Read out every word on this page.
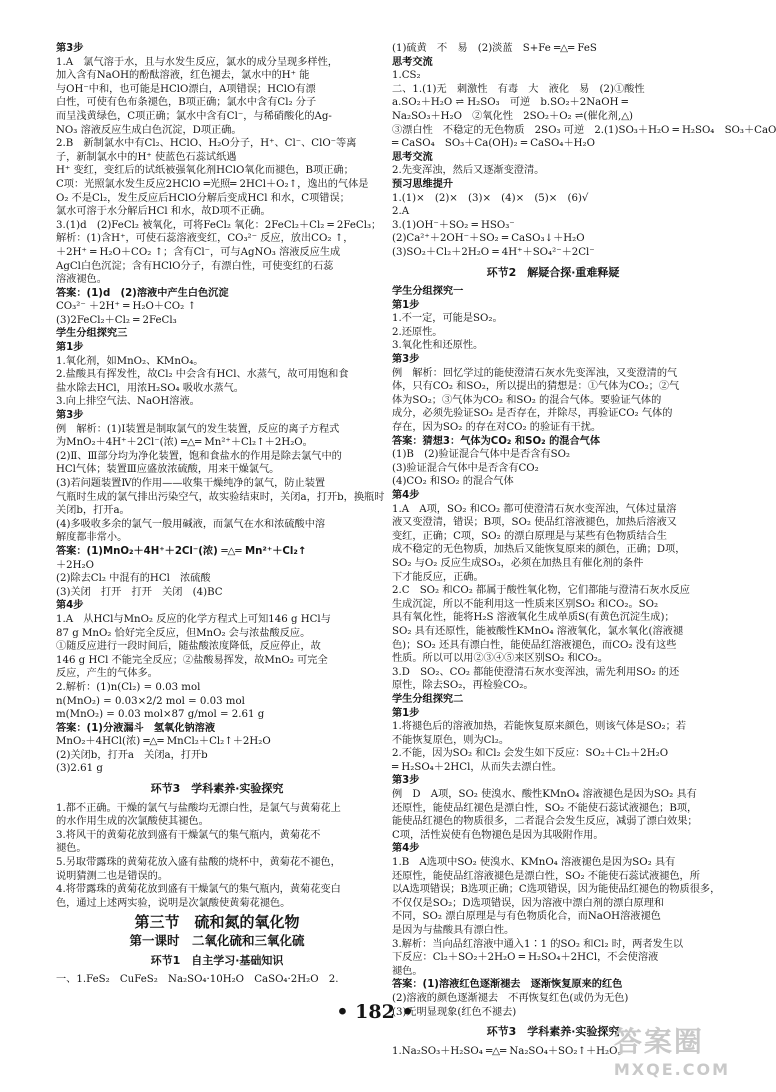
第3步
1.A　氯气溶于水，且与水发生反应，氯水的成分呈现多样性，
加入含有NaOH的酚酞溶液，红色褪去，氯水中的H⁺ 能
与OH⁻中和，也可能是HClO漂白，A项错误；HClO有漂
白性，可使有色布条褪色，B项正确；氯水中含有Cl₂ 分子
而呈浅黄绿色，C项正确；氯水中含有Cl⁻，与稀硝酸化的Ag-
NO₃ 溶液反应生成白色沉淀，D项正确。
2.B　新制氯水中有Cl₂、HClO、H₂O分子，H⁺、Cl⁻、ClO⁻等离
子，新制氯水中的H⁺ 使蓝色石蕊试纸遇
H⁺ 变红，变红后的试纸被强氧化剂HClO氧化而褪色，B项正确；
C项：光照氯水发生反应2HClO ═光照═ 2HCl＋O₂↑，逸出的气体是
O₂ 不是Cl₂，发生反应后HClO分解后变成HCl 和水，C项错误；
氯水可溶于水分解后HCl 和水，故D项不正确。
3.(1)d　(2)FeCl₂ 被氧化，可将FeCl₂ 氧化：2FeCl₂＋Cl₂ ═ 2FeCl₃；
解析：(1)含H⁺，可使石蕊溶液变红，CO₃²⁻ 反应，放出CO₂ ↑，
＋2H⁺ ═ H₂O＋CO₂ ↑；含有Cl⁻，可与AgNO₃ 溶液反应生成
AgCl白色沉淀；含有HClO分子，有漂白性，可使变红的石蕊
溶液褪色。
答案：(1)d　(2)溶液中产生白色沉淀
CO₃²⁻ ＋2H⁺ ═ H₂O＋CO₂ ↑
(3)2FeCl₂＋Cl₂ ═ 2FeCl₃
学生分组探究三
第1步
1.氧化剂，如MnO₂、KMnO₄。
2.盐酸具有挥发性，故Cl₂ 中会含有HCl、水蒸气，故可用饱和食
盐水除去HCl，用浓H₂SO₄ 吸收水蒸气。
3.向上排空气法、NaOH溶液。
第3步
例　解析：(1)Ⅰ装置是制取氯气的发生装置，反应的离子方程式
为MnO₂＋4H⁺＋2Cl⁻(浓) ═△═ Mn²⁺＋Cl₂↑＋2H₂O。
(2)Ⅱ、Ⅲ部分均为净化装置，饱和食盐水的作用是除去氯气中的
HCl气体；装置Ⅲ应盛放浓硫酸，用来干燥氯气。
(3)若问题装置Ⅳ的作用——收集干燥纯净的氯气，防止装置
气瓶时生成的氯气排出污染空气，故实验结束时，关闭a，打开b，换瓶时
关闭b，打开a。
(4)多吸收多余的氯气一般用碱液，而氯气在水和浓硫酸中溶
解度都非常小。
答案：(1)MnO₂＋4H⁺＋2Cl⁻(浓) ═△═ Mn²⁺＋Cl₂↑
＋2H₂O
(2)除去Cl₂ 中混有的HCl　浓硫酸
(3)关闭　打开　打开　关闭　(4)BC
第4步
1.A　从HCl与MnO₂ 反应的化学方程式上可知146 g HCl与
87 g MnO₂ 恰好完全反应，但MnO₂ 会与浓盐酸反应。
①随反应进行一段时间后，随盐酸浓度降低，反应停止，故
146 g HCl 不能完全反应；②盐酸易挥发，故MnO₂ 可完全
反应，产生的气体多。
2.解析：(1)n(Cl₂) = 0.03 mol
n(MnO₂) = 0.03×2/2 mol = 0.03 mol
m(MnO₂) = 0.03 mol×87 g/mol = 2.61 g
答案：(1)分液漏斗　氢氧化钠溶液
MnO₂＋4HCl(浓) ═△═ MnCl₂＋Cl₂↑＋2H₂O
(2)关闭b，打开a　关闭a，打开b
(3)2.61 g
环节3　学科素养·实验探究
1.都不正确。干燥的氯气与盐酸均无漂白性，是氯气与黄菊花上
的水作用生成的次氯酸使其褪色。
3.将风干的黄菊花放到盛有干燥氯气的集气瓶内，黄菊花不
褪色。
5.另取带露珠的黄菊花放入盛有盐酸的烧杯中，黄菊花不褪色，
说明猜测二也是错误的。
4.将带露珠的黄菊花放到盛有干燥氯气的集气瓶内，黄菊花变白
色，通过上述两实验，说明是次氯酸使黄菊花褪色。
第三节　硫和氮的氧化物
第一课时　二氧化硫和三氧化硫
环节1　自主学习·基础知识
一、1.FeS₂　CuFeS₂　Na₂SO₄·10H₂O　CaSO₄·2H₂O　2.
(1)硫黄　不　易　(2)淡蓝　S+Fe ═△═ FeS
思考交流
1.CS₂
二、1.(1)无　刺激性　有毒　大　液化　易　(2)①酸性
a.SO₂＋H₂O ⇌ H₂SO₃　可逆　b.SO₂＋2NaOH ═
Na₂SO₃＋H₂O　②氧化性　2SO₂＋O₂ ⇌(催化剂,△)
③漂白性　不稳定的无色物质　2SO₃ 可逆　2.(1)SO₃＋H₂O ═ H₂SO₄　SO₃＋CaO
═ CaSO₄　SO₃＋Ca(OH)₂ ═ CaSO₄＋H₂O
思考交流
2.先变浑浊，然后又逐渐变澄清。
预习思维提升
1.(1)×　(2)×　(3)×　(4)×　(5)×　(6)√
2.A
3.(1)OH⁻＋SO₂ ═ HSO₃⁻
(2)Ca²⁺＋2OH⁻＋SO₂ ═ CaSO₃↓＋H₂O
(3)SO₂＋Cl₂＋2H₂O ═ 4H⁺＋SO₄²⁻＋2Cl⁻
环节2　解疑合探·重难释疑
学生分组探究一
第1步
1.不一定，可能是SO₂。
2.还原性。
3.氧化性和还原性。
第3步
例　解析：回忆学过的能使澄清石灰水先变浑浊，又变澄清的气
体，只有CO₂ 和SO₂，所以提出的猜想是：①气体为CO₂；②气
体为SO₂；③气体为CO₂ 和SO₂ 的混合气体。要验证气体的
成分，必须先验证SO₂ 是否存在，并除尽，再验证CO₂ 气体的
存在，因为SO₂ 的存在对CO₂ 的验证有干扰。
答案：猜想3：气体为CO₂ 和SO₂ 的混合气体
(1)B　(2)验证混合气体中是否含有SO₂
(3)验证混合气体中是否含有CO₂
(4)CO₂ 和SO₂ 的混合气体
第4步
1.A　A项，SO₂ 和CO₂ 都可使澄清石灰水变浑浊，气体过量溶
液又变澄清，错误；B项，SO₂ 使品红溶液褪色，加热后溶液又
变红，正确；C项，SO₂ 的漂白原理是与某些有色物质结合生
成不稳定的无色物质，加热后又能恢复原来的颜色，正确；D项，
SO₂ 与O₂ 反应生成SO₃，必须在加热且有催化剂的条件
下才能反应，正确。
2.C　SO₂ 和CO₂ 都属于酸性氧化物，它们都能与澄清石灰水反应
生成沉淀，所以不能利用这一性质来区别SO₂ 和CO₂。SO₂
具有氧化性，能将H₂S 溶液氧化生成单质S(有黄色沉淀生成)；
SO₂ 具有还原性，能被酸性KMnO₄ 溶液氧化，氯水氧化(溶液褪
色)；SO₂ 还具有漂白性，能使品红溶液褪色，而CO₂ 没有这些
性质。所以可以用②③④⑤来区别SO₂ 和CO₂。
3.D　SO₂、CO₂ 都能使澄清石灰水变浑浊，需先利用SO₂ 的还
原性，除去SO₂，再检验CO₂。
学生分组探究二
第1步
1.将褪色后的溶液加热，若能恢复原来颜色，则该气体是SO₂；若
不能恢复原色，则为Cl₂。
2.不能，因为SO₂ 和Cl₂ 会发生如下反应：SO₂＋Cl₂＋2H₂O
═ H₂SO₄＋2HCl，从而失去漂白性。
第3步
例　D　A项，SO₂ 使溴水、酸性KMnO₄ 溶液褪色是因为SO₂ 具有
还原性，能使品红褪色是漂白性，SO₂ 不能使石蕊试液褪色；B项，
能使品红褪色的物质很多，二者混合会发生反应，减弱了漂白效果；
C项，活性炭使有色物褪色是因为其吸附作用。
第4步
1.B　A选项中SO₂ 使溴水、KMnO₄ 溶液褪色是因为SO₂ 具有
还原性，能使品红溶液褪色是漂白性，SO₂ 不能使石蕊试液褪色，所
以A选项错误；B选项正确；C选项错误，因为能使品红褪色的物质很多，
不仅仅是SO₂；D选项错误，因为溶液中漂白剂的漂白原理和
不同，SO₂ 漂白原理是与有色物质化合，而NaOH溶液褪色
是因为与盐酸具有漂白性。
3.解析：当向品红溶液中通入1∶1 的SO₂ 和Cl₂ 时，两者发生以
下反应：Cl₂＋SO₂＋2H₂O ═ H₂SO₄＋2HCl，不会使溶液
褪色。
答案：(1)溶液红色逐渐褪去　逐渐恢复原来的红色
(2)溶液的颜色逐渐褪去　不再恢复红色(或仍为无色)
(3)无明显现象(红色不褪去)
环节3　学科素养·实验探究
1.Na₂SO₃＋H₂SO₄ ═△═ Na₂SO₄＋SO₂↑＋H₂O。
• 182 •
答案圈
MXQE.COM
